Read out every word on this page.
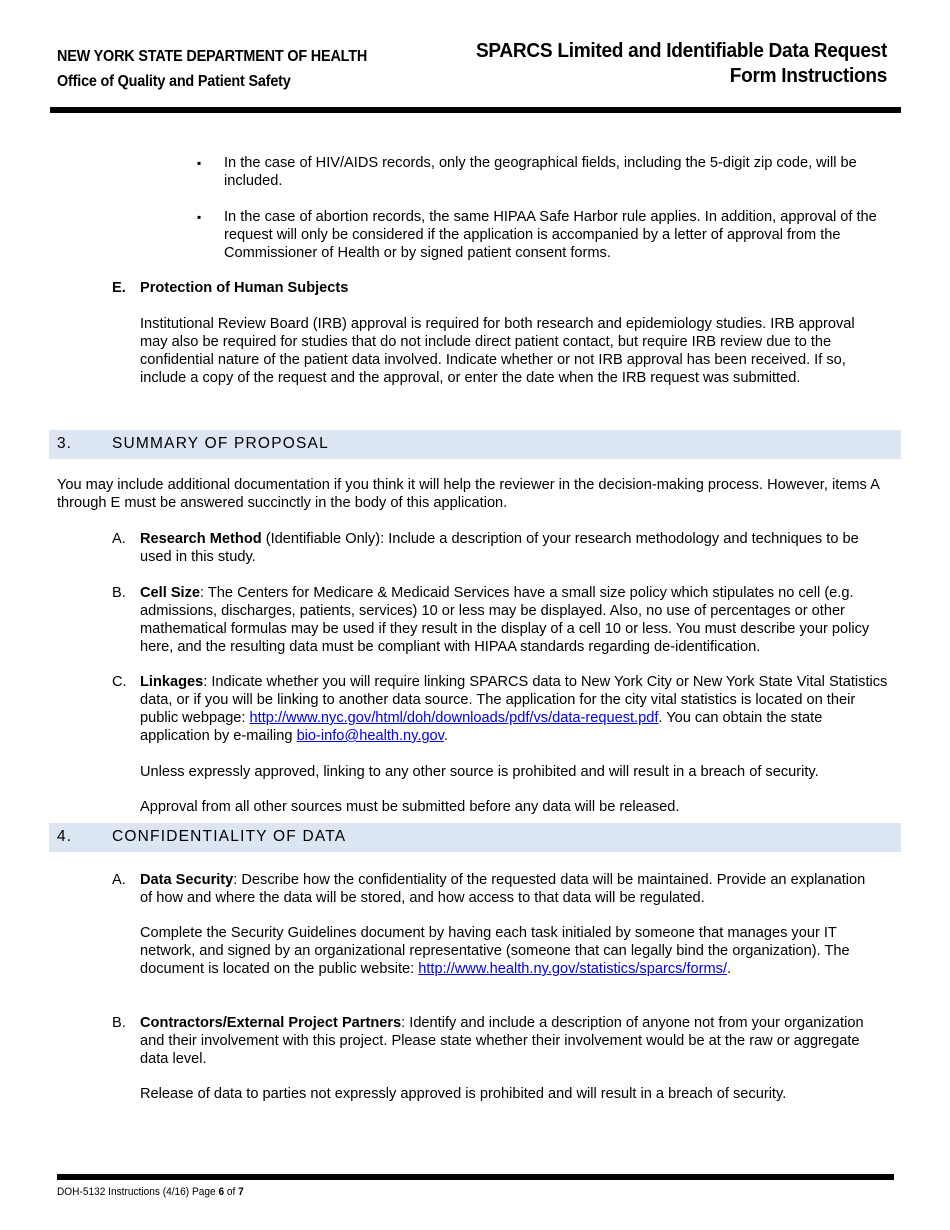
NEW YORK STATE DEPARTMENT OF HEALTH
Office of Quality and Patient Safety
SPARCS Limited and Identifiable Data Request
Form Instructions
▪ In the case of HIV/AIDS records, only the geographical fields, including the 5-digit zip code, will be included.
▪ In the case of abortion records, the same HIPAA Safe Harbor rule applies. In addition, approval of the request will only be considered if the application is accompanied by a letter of approval from the Commissioner of Health or by signed patient consent forms.
E. Protection of Human Subjects
Institutional Review Board (IRB) approval is required for both research and epidemiology studies. IRB approval may also be required for studies that do not include direct patient contact, but require IRB review due to the confidential nature of the patient data involved. Indicate whether or not IRB approval has been received. If so, include a copy of the request and the approval, or enter the date when the IRB request was submitted.
3.	SUMMARY OF PROPOSAL
You may include additional documentation if you think it will help the reviewer in the decision-making process. However, items A through E must be answered succinctly in the body of this application.
A. Research Method (Identifiable Only): Include a description of your research methodology and techniques to be used in this study.
B. Cell Size: The Centers for Medicare & Medicaid Services have a small size policy which stipulates no cell (e.g. admissions, discharges, patients, services) 10 or less may be displayed. Also, no use of percentages or other mathematical formulas may be used if they result in the display of a cell 10 or less. You must describe your policy here, and the resulting data must be compliant with HIPAA standards regarding de-identification.
C. Linkages: Indicate whether you will require linking SPARCS data to New York City or New York State Vital Statistics data, or if you will be linking to another data source. The application for the city vital statistics is located on their public webpage: http://www.nyc.gov/html/doh/downloads/pdf/vs/data-request.pdf. You can obtain the state application by e-mailing bio-info@health.ny.gov.
Unless expressly approved, linking to any other source is prohibited and will result in a breach of security.
Approval from all other sources must be submitted before any data will be released.
4.	CONFIDENTIALITY OF DATA
A. Data Security: Describe how the confidentiality of the requested data will be maintained. Provide an explanation of how and where the data will be stored, and how access to that data will be regulated.
Complete the Security Guidelines document by having each task initialed by someone that manages your IT network, and signed by an organizational representative (someone that can legally bind the organization). The document is located on the public website: http://www.health.ny.gov/statistics/sparcs/forms/.
B. Contractors/External Project Partners: Identify and include a description of anyone not from your organization and their involvement with this project. Please state whether their involvement would be at the raw or aggregate data level.
Release of data to parties not expressly approved is prohibited and will result in a breach of security.
DOH-5132 Instructions (4/16) Page 6 of 7
